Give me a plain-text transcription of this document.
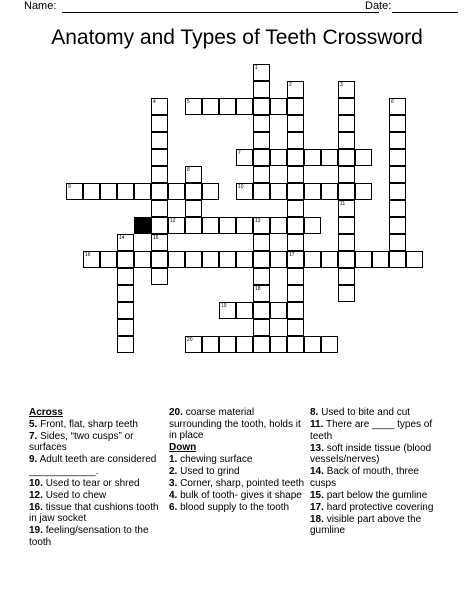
Name:	Date:
Anatomy and Types of Teeth Crossword
1
2	3
4	5	6
7
8
9	10
11
12	13
14	15
16	17
18
19
20
Across
5. Front, flat, sharp teeth
7. Sides, “two cusps” or surfaces
9. Adult teeth are considered ____________.
10. Used to tear or shred
12. Used to chew
16. tissue that cushions tooth in jaw socket
19. feeling/sensation to the tooth
20. coarse material surrounding the tooth, holds it in place
Down
1. chewing surface
2. Used to grind
3. Corner, sharp, pointed teeth
4. bulk of tooth- gives it shape
6. blood supply to the tooth
8. Used to bite and cut
11. There are ____ types of teeth
13. soft inside tissue (blood vessels/nerves)
14. Back of mouth, three cusps
15. part below the gumline
17. hard protective covering
18. visible part above the gumline
